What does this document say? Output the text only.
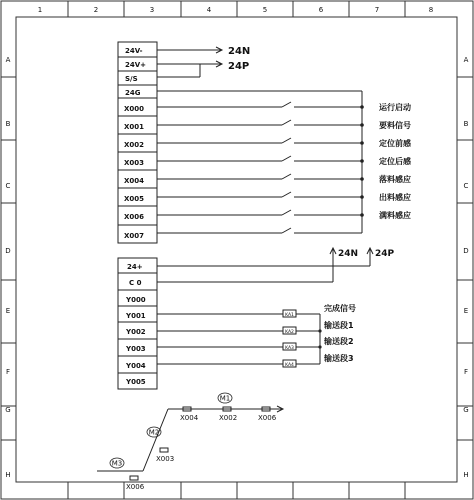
1	2	3	4	5	6	7	8
A
B
C
D
E
F
G
H
A
B
C
D
E
F
G
H
24V-
24V+
S/S
24G
X000
X001
X002
X003
X004
X005
X006
X007
24N
24P
运行启动
要料信号
定位前感
定位后感
落料感应
出料感应
满料感应
24N 24P
24+
C 0
Y000
Y001
Y002
Y003
Y004
Y005
KA1
KA2
KA3
KA4
完成信号
输送段1
输送段2
输送段3
X004	X002	X006
X003
X006
M1
M2
M3
